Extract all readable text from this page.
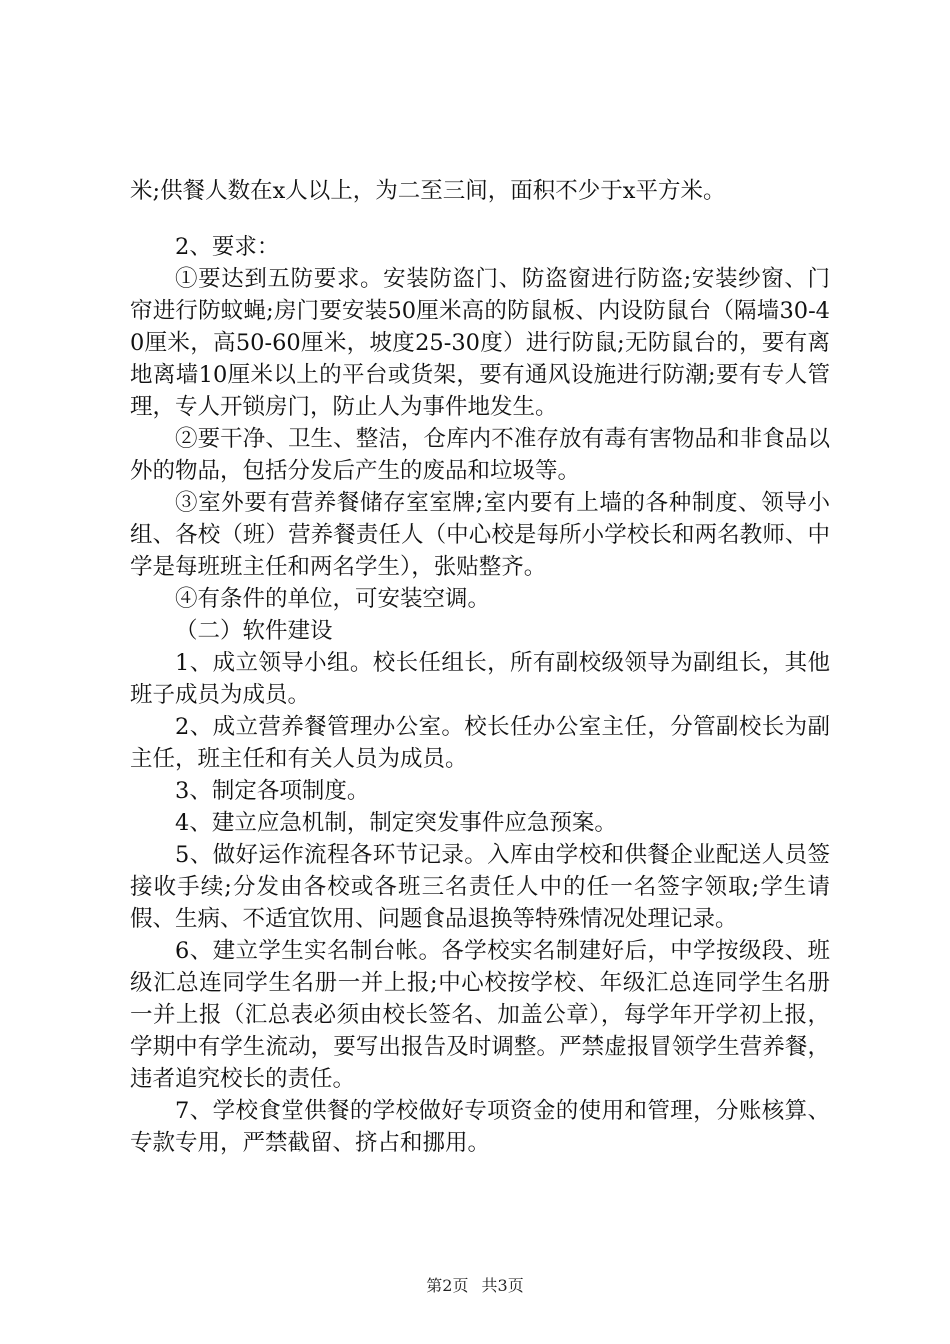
米;供餐人数在x人以上，为二至三间，面积不少于x平方米。

2、要求：

①要达到五防要求。安装防盗门、防盗窗进行防盗;安装纱窗、门帘进行防蚊蝇;房门要安装50厘米高的防鼠板、内设防鼠台（隔墙30-40厘米，高50-60厘米，坡度25-30度）进行防鼠;无防鼠台的，要有离地离墙10厘米以上的平台或货架，要有通风设施进行防潮;要有专人管理，专人开锁房门，防止人为事件地发生。

②要干净、卫生、整洁，仓库内不准存放有毒有害物品和非食品以外的物品，包括分发后产生的废品和垃圾等。

③室外要有营养餐储存室室牌;室内要有上墙的各种制度、领导小组、各校（班）营养餐责任人（中心校是每所小学校长和两名教师、中学是每班班主任和两名学生），张贴整齐。

④有条件的单位，可安装空调。

（二）软件建设

1、成立领导小组。校长任组长，所有副校级领导为副组长，其他班子成员为成员。

2、成立营养餐管理办公室。校长任办公室主任，分管副校长为副主任，班主任和有关人员为成员。

3、制定各项制度。

4、建立应急机制，制定突发事件应急预案。

5、做好运作流程各环节记录。入库由学校和供餐企业配送人员签接收手续;分发由各校或各班三名责任人中的任一名签字领取;学生请假、生病、不适宜饮用、问题食品退换等特殊情况处理记录。

6、建立学生实名制台帐。各学校实名制建好后，中学按级段、班级汇总连同学生名册一并上报;中心校按学校、年级汇总连同学生名册一并上报（汇总表必须由校长签名、加盖公章），每学年开学初上报，学期中有学生流动，要写出报告及时调整。严禁虚报冒领学生营养餐，违者追究校长的责任。

7、学校食堂供餐的学校做好专项资金的使用和管理，分账核算、专款专用，严禁截留、挤占和挪用。

第2页 共3页
